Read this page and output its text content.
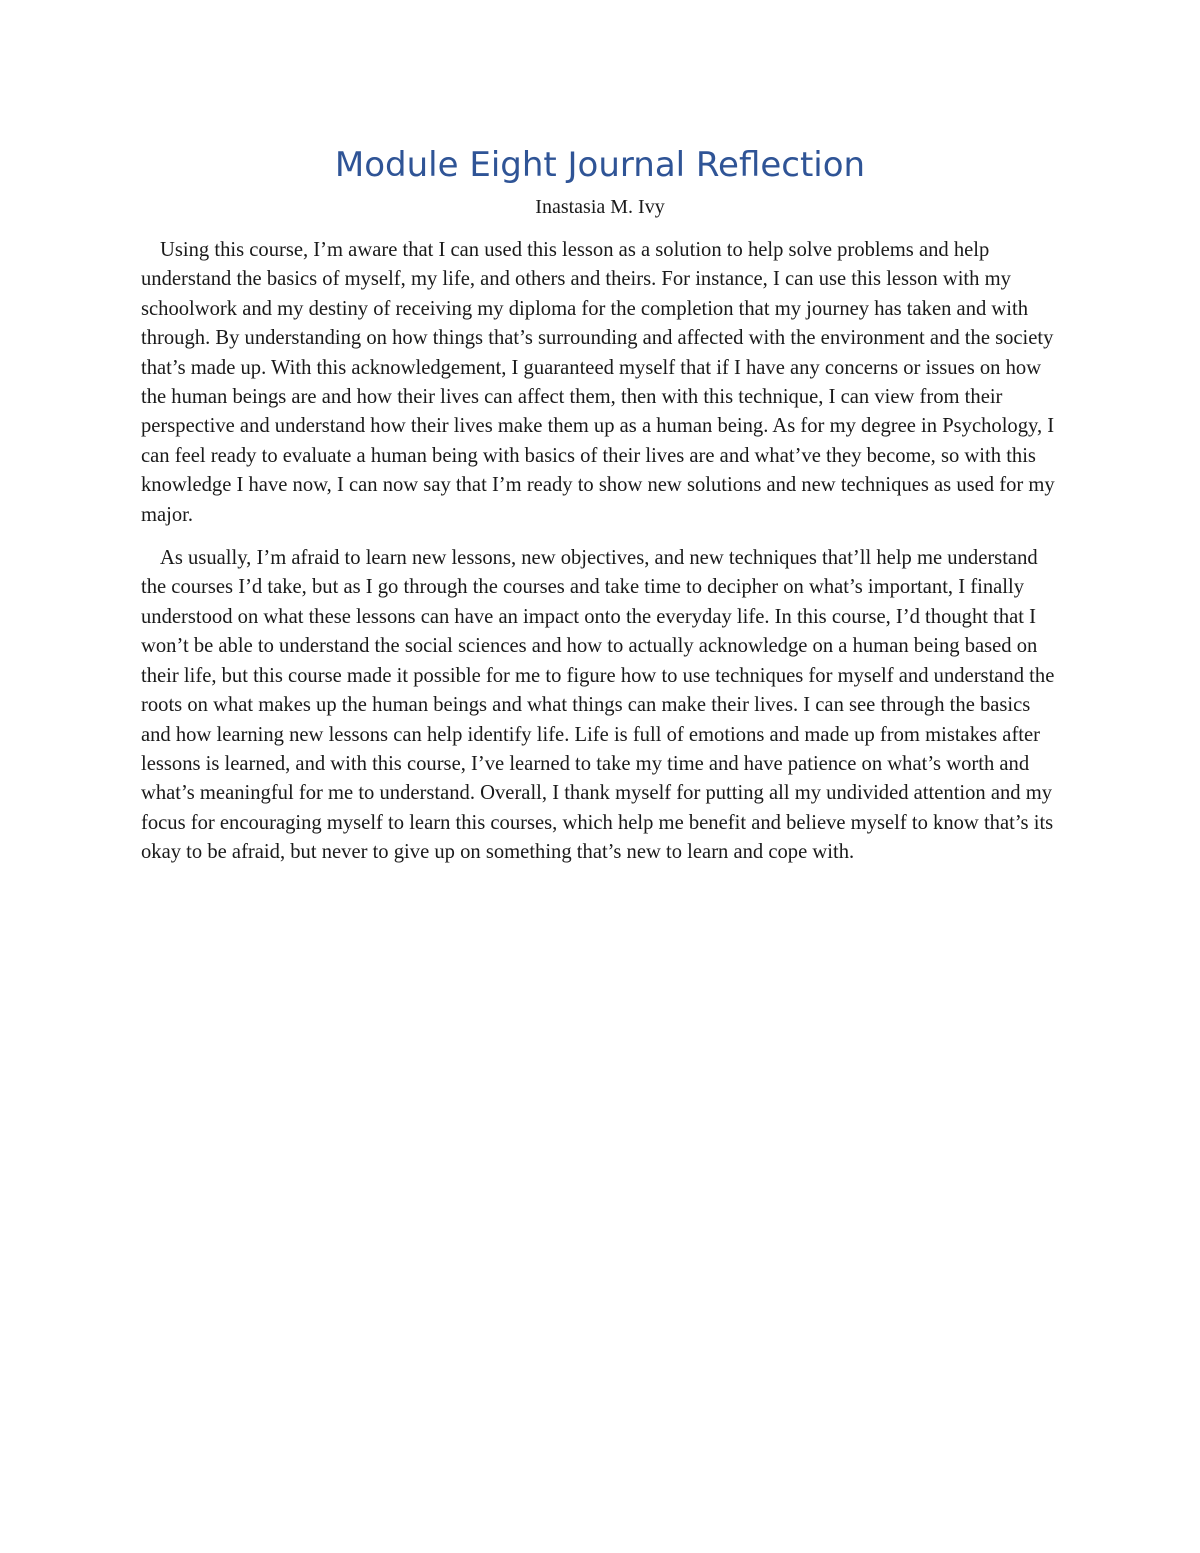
Module Eight Journal Reflection
Inastasia M. Ivy

Using this course, I’m aware that I can used this lesson as a solution to help solve problems and help understand the basics of myself, my life, and others and theirs. For instance, I can use this lesson with my schoolwork and my destiny of receiving my diploma for the completion that my journey has taken and with through. By understanding on how things that’s surrounding and affected with the environment and the society that’s made up. With this acknowledgement, I guaranteed myself that if I have any concerns or issues on how the human beings are and how their lives can affect them, then with this technique, I can view from their perspective and understand how their lives make them up as a human being. As for my degree in Psychology, I can feel ready to evaluate a human being with basics of their lives are and what’ve they become, so with this knowledge I have now, I can now say that I’m ready to show new solutions and new techniques as used for my major.

As usually, I’m afraid to learn new lessons, new objectives, and new techniques that’ll help me understand the courses I’d take, but as I go through the courses and take time to decipher on what’s important, I finally understood on what these lessons can have an impact onto the everyday life. In this course, I’d thought that I won’t be able to understand the social sciences and how to actually acknowledge on a human being based on their life, but this course made it possible for me to figure how to use techniques for myself and understand the roots on what makes up the human beings and what things can make their lives. I can see through the basics and how learning new lessons can help identify life. Life is full of emotions and made up from mistakes after lessons is learned, and with this course, I’ve learned to take my time and have patience on what’s worth and what’s meaningful for me to understand. Overall, I thank myself for putting all my undivided attention and my focus for encouraging myself to learn this courses, which help me benefit and believe myself to know that’s its okay to be afraid, but never to give up on something that’s new to learn and cope with.
